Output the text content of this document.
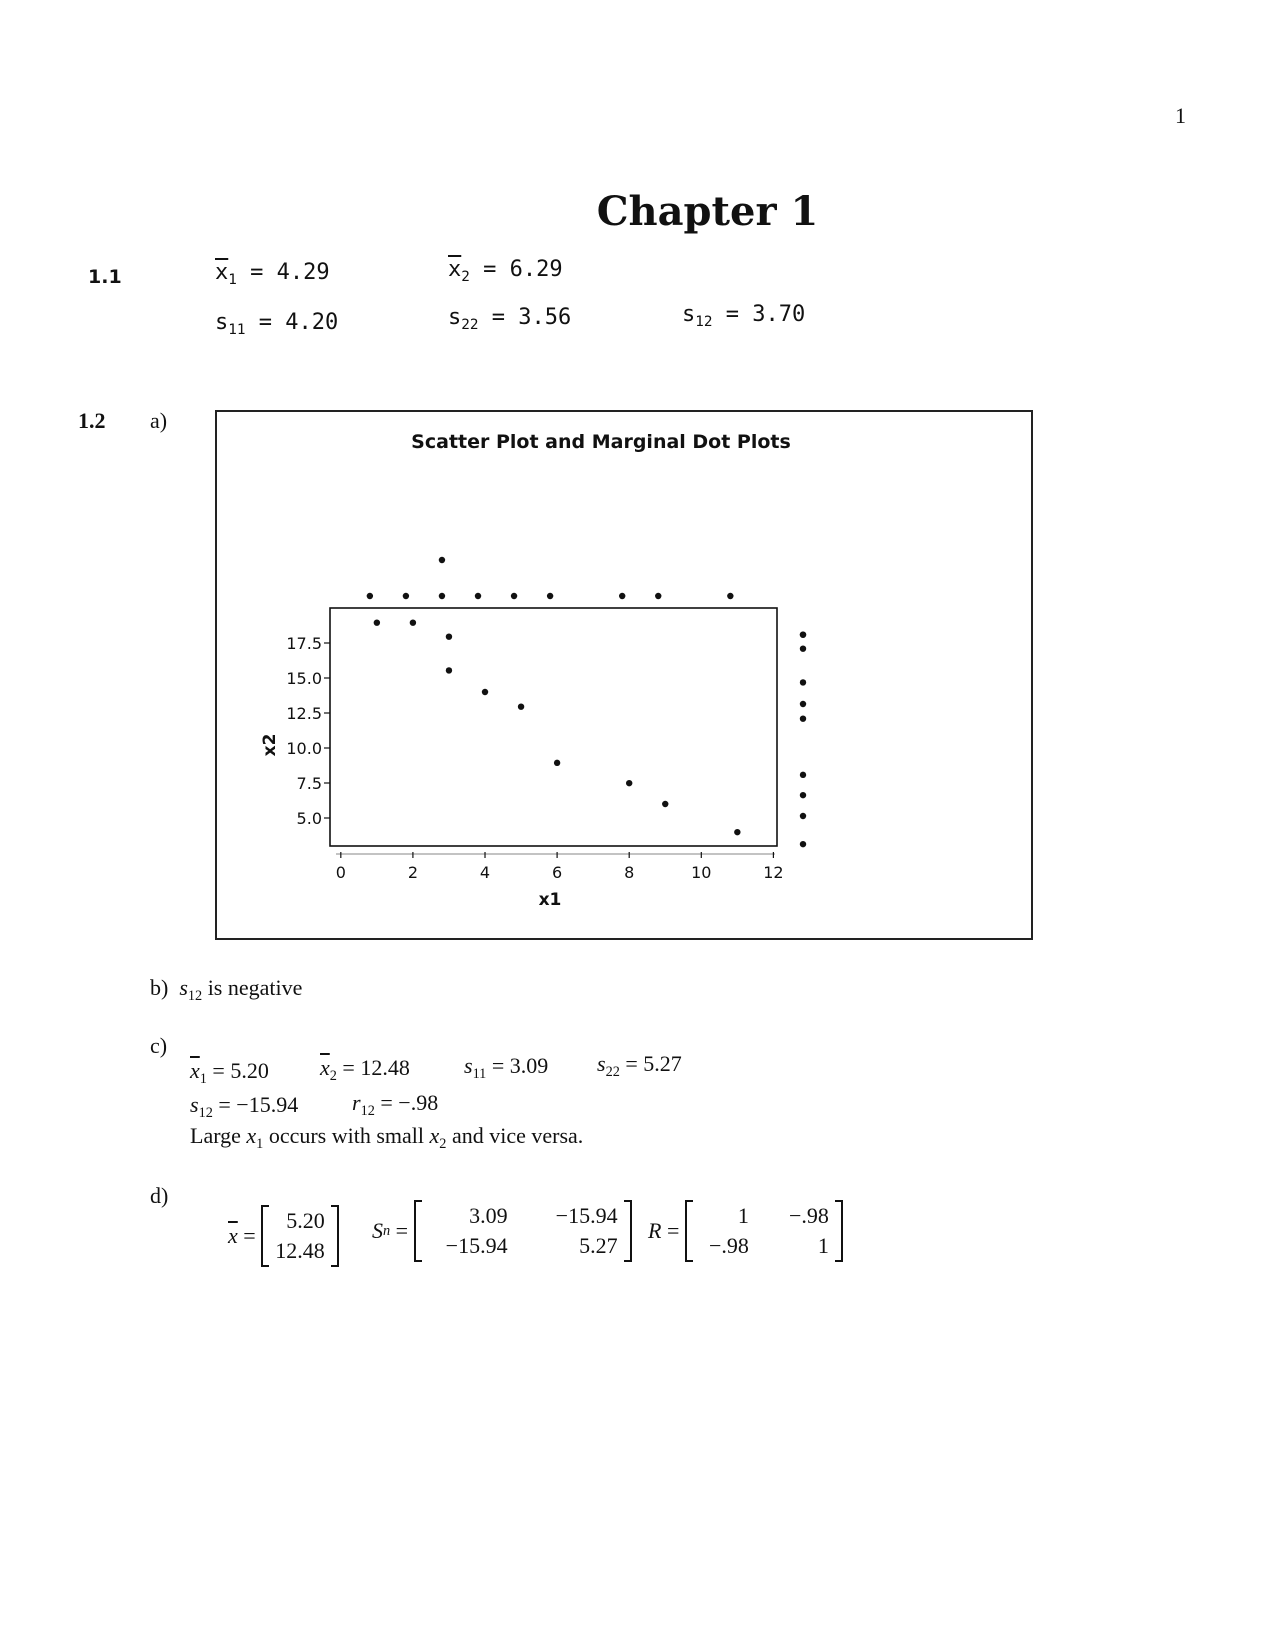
1
Chapter 1
1.1	$\overline{x}_1 = 4.29$	$\overline{x}_2 = 6.29$
$s_{11} = 4.20$	$s_{22} = 3.56$	$s_{12} = 3.70$
1.2 a)
Scatter Plot and Marginal Dot Plots
x1
x2
0	2	4	6	8	10	12
5.0
7.5
10.0
12.5
15.0
17.5
b) $s_{12}$ is negative
c)
$\overline{x}_1 = 5.20$ $\overline{x}_2 = 12.48$ $s_{11} = 3.09$ $s_{22} = 5.27$
$s_{12} = -15.94$ $r_{12} = -.98$
Large $x_1$ occurs with small $x_2$ and vice versa.
d)
$\overline{x}$ =
5.20
12.48
S n =
3.09	−15.94
−15.94	5.27
R =
1	−.98
−.98	1
